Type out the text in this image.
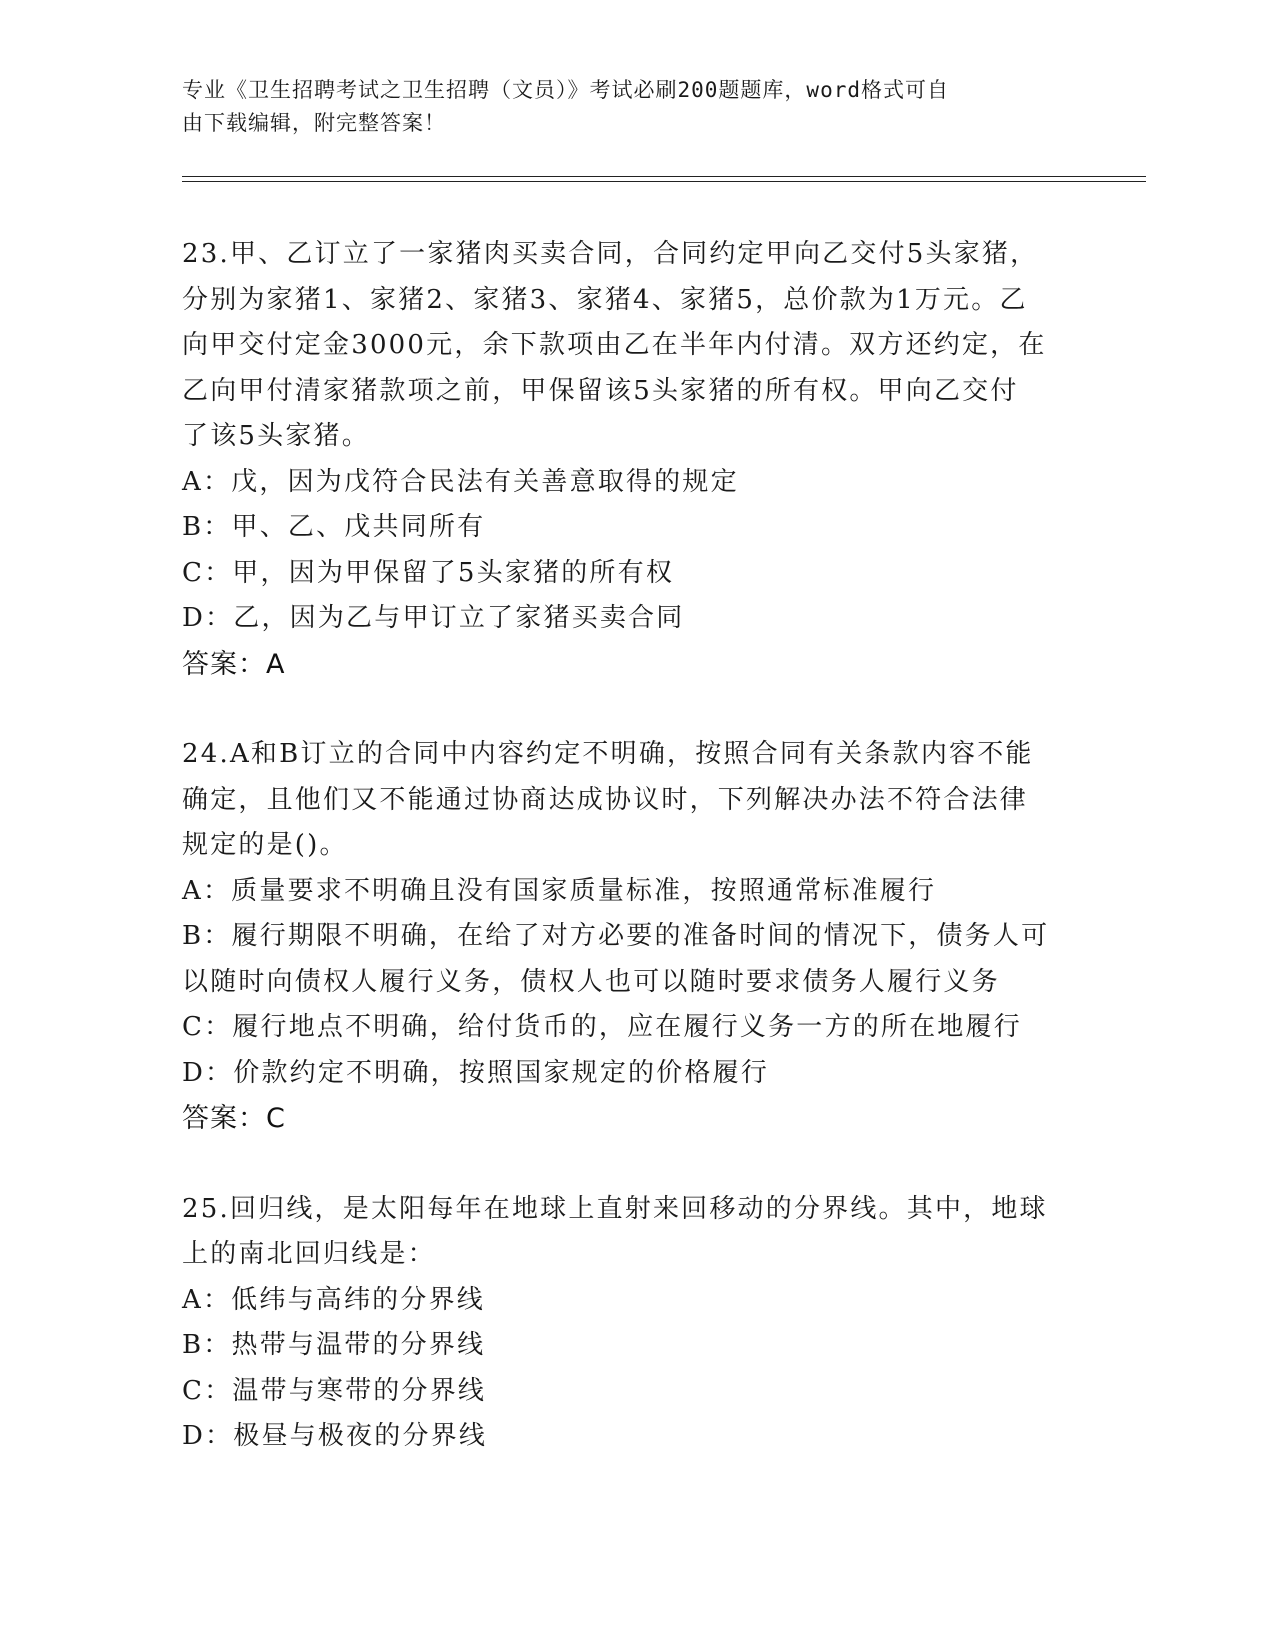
专业《卫生招聘考试之卫生招聘（文员）》考试必刷200题题库，word格式可自
由下载编辑，附完整答案！
23.甲、乙订立了一家猪肉买卖合同，合同约定甲向乙交付5头家猪，
分别为家猪1、家猪2、家猪3、家猪4、家猪5，总价款为1万元。乙
向甲交付定金3000元，余下款项由乙在半年内付清。双方还约定，在
乙向甲付清家猪款项之前，甲保留该5头家猪的所有权。甲向乙交付
了该5头家猪。
A：戊，因为戊符合民法有关善意取得的规定
B：甲、乙、戊共同所有
C：甲，因为甲保留了5头家猪的所有权
D：乙，因为乙与甲订立了家猪买卖合同
答案：A
24.A和B订立的合同中内容约定不明确，按照合同有关条款内容不能
确定，且他们又不能通过协商达成协议时，下列解决办法不符合法律
规定的是()。
A：质量要求不明确且没有国家质量标准，按照通常标准履行
B：履行期限不明确，在给了对方必要的准备时间的情况下，债务人可
以随时向债权人履行义务，债权人也可以随时要求债务人履行义务
C：履行地点不明确，给付货币的，应在履行义务一方的所在地履行
D：价款约定不明确，按照国家规定的价格履行
答案：C
25.回归线，是太阳每年在地球上直射来回移动的分界线。其中，地球
上的南北回归线是：
A：低纬与高纬的分界线
B：热带与温带的分界线
C：温带与寒带的分界线
D：极昼与极夜的分界线
